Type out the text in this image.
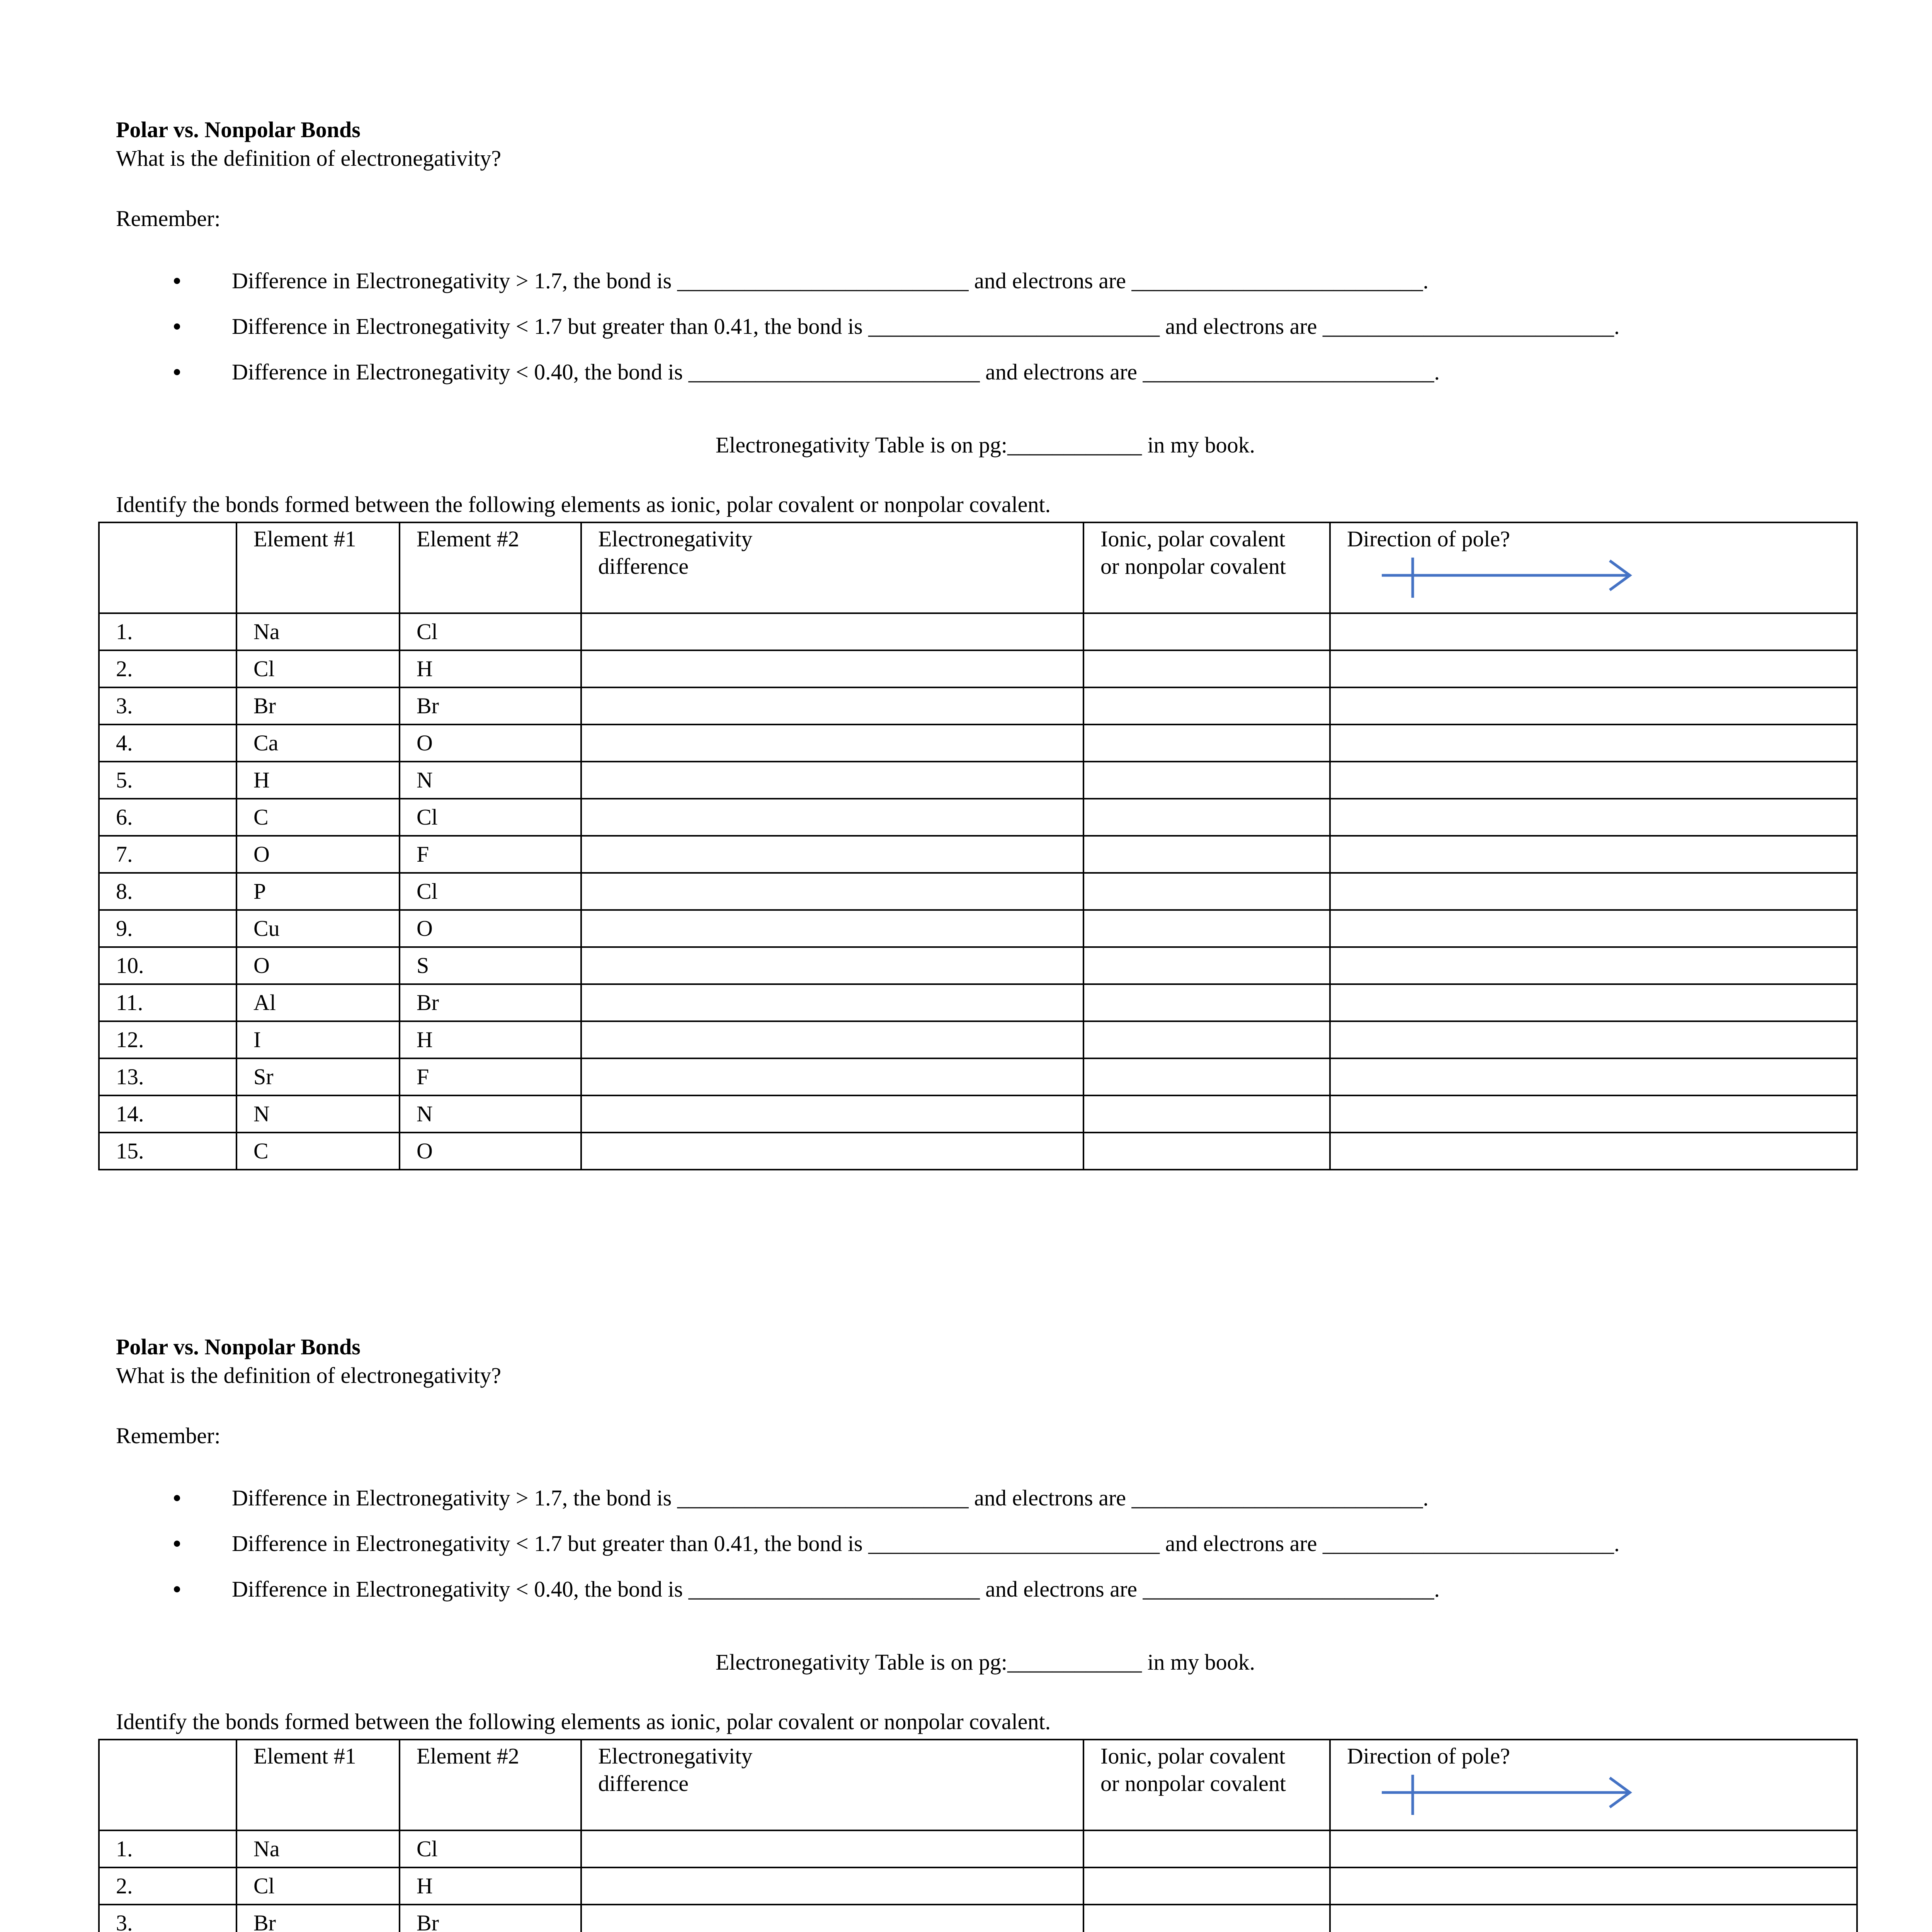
Polar vs. Nonpolar Bonds
What is the definition of electronegativity?
Remember:
Difference in Electronegativity > 1.7, the bond is __________________________ and electrons are __________________________.
Difference in Electronegativity < 1.7 but greater than 0.41, the bond is __________________________ and electrons are __________________________.
Difference in Electronegativity < 0.40, the bond is __________________________ and electrons are __________________________.
Electronegativity Table is on pg:____________ in my book.
Identify the bonds formed between the following elements as ionic, polar covalent or nonpolar covalent.
	Element #1	Element #2	Electronegativity difference	Ionic, polar covalent or nonpolar covalent	Direction of pole?

1.	Na	Cl			
2.	Cl	H			
3.	Br	Br			
4.	Ca	O			
5.	H	N			
6.	C	Cl			
7.	O	F			
8.	P	Cl			
9.	Cu	O			
10.	O	S			
11.	Al	Br			
12.	I	H			
13.	Sr	F			
14.	N	N			
15.	C	O			
Polar vs. Nonpolar Bonds
What is the definition of electronegativity?
Remember:
Difference in Electronegativity > 1.7, the bond is __________________________ and electrons are __________________________.
Difference in Electronegativity < 1.7 but greater than 0.41, the bond is __________________________ and electrons are __________________________.
Difference in Electronegativity < 0.40, the bond is __________________________ and electrons are __________________________.
Electronegativity Table is on pg:____________ in my book.
Identify the bonds formed between the following elements as ionic, polar covalent or nonpolar covalent.
	Element #1	Element #2	Electronegativity difference	Ionic, polar covalent or nonpolar covalent	Direction of pole?

1.	Na	Cl			
2.	Cl	H			
3.	Br	Br			
